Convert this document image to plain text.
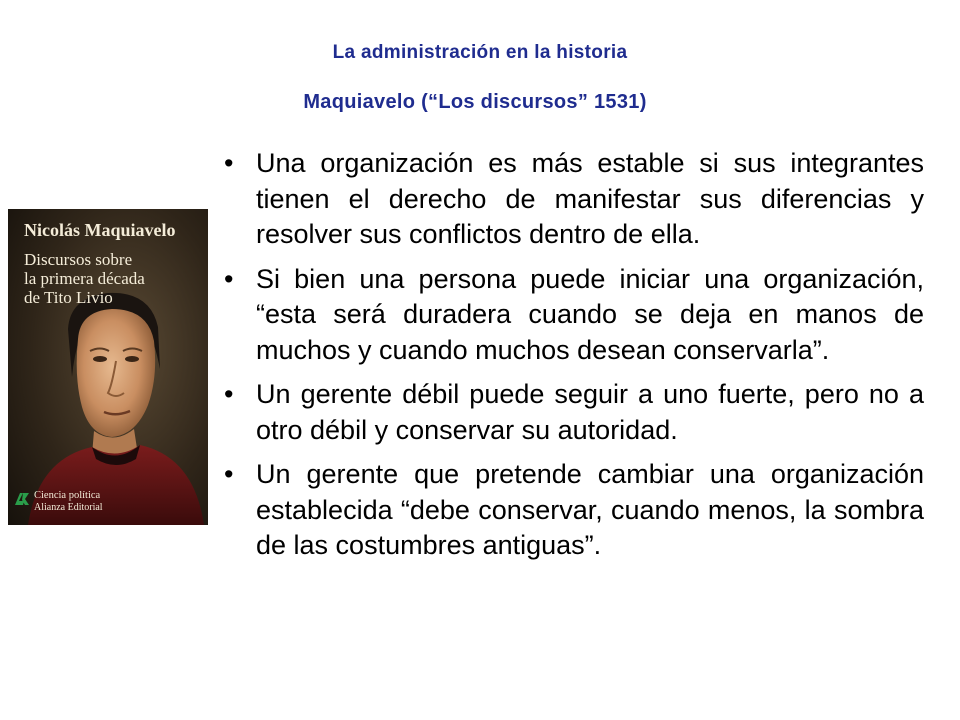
La administración en la historia
Maquiavelo (“Los discursos” 1531)
Nicolás Maquiavelo
Discursos sobre
la primera década
de Tito Livio
Ciencia política
Alianza Editorial
• Una organización es más estable si sus integrantes tienen el derecho de manifestar sus diferencias y resolver sus conflictos dentro de ella.
• Si bien una persona puede iniciar una organización, “esta será duradera cuando se deja en manos de muchos y cuando muchos desean conservarla”.
• Un gerente débil puede seguir a uno fuerte, pero no a otro débil y conservar su autoridad.
• Un gerente que pretende cambiar una organización establecida “debe conservar, cuando menos, la sombra de las costumbres antiguas”.
